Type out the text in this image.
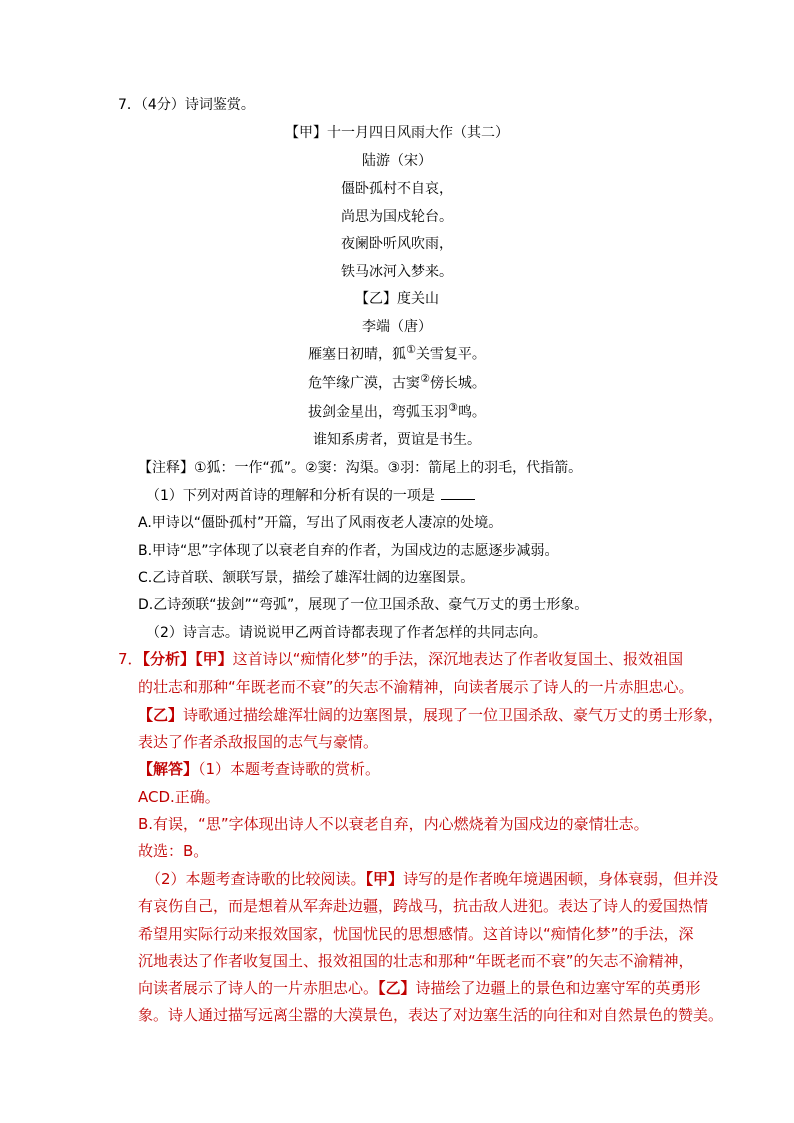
7．（4分）诗词鉴赏。
【甲】十一月四日风雨大作（其二）
陆游（宋）
僵卧孤村不自哀，
尚思为国戍轮台。
夜阑卧听风吹雨，
铁马冰河入梦来。
【乙】度关山
李端（唐）
雁塞日初晴，狐①关雪复平。
危竿缘广漠，古窦②傍长城。
拔剑金星出，弯弧玉羽③鸣。
谁知系虏者，贾谊是书生。
【注释】①狐：一作“孤”。②窦：沟渠。③羽：箭尾上的羽毛，代指箭。
（1）下列对两首诗的理解和分析有误的一项是
A.甲诗以“僵卧孤村”开篇，写出了风雨夜老人凄凉的处境。
B.甲诗“思”字体现了以衰老自弃的作者，为国戍边的志愿逐步减弱。
C.乙诗首联、颔联写景，描绘了雄浑壮阔的边塞图景。
D.乙诗颈联“拔剑”“弯弧”，展现了一位卫国杀敌、豪气万丈的勇士形象。
（2）诗言志。请说说甲乙两首诗都表现了作者怎样的共同志向。
7．【分析】【甲】这首诗以“痴情化梦”的手法，深沉地表达了作者收复国土、报效祖国
的壮志和那种“年既老而不衰”的矢志不渝精神，向读者展示了诗人的一片赤胆忠心。
【乙】诗歌通过描绘雄浑壮阔的边塞图景，展现了一位卫国杀敌、豪气万丈的勇士形象，
表达了作者杀敌报国的志气与豪情。
【解答】（1）本题考查诗歌的赏析。
ACD.正确。
B.有误，“思”字体现出诗人不以衰老自弃，内心燃烧着为国戍边的豪情壮志。
故选：B。
（2）本题考查诗歌的比较阅读。【甲】诗写的是作者晚年境遇困顿，身体衰弱，但并没
有哀伤自己，而是想着从军奔赴边疆，跨战马，抗击敌人进犯。表达了诗人的爱国热情
希望用实际行动来报效国家，忧国忧民的思想感情。这首诗以“痴情化梦”的手法，深
沉地表达了作者收复国土、报效祖国的壮志和那种“年既老而不衰”的矢志不渝精神，
向读者展示了诗人的一片赤胆忠心。【乙】诗描绘了边疆上的景色和边塞守军的英勇形
象。诗人通过描写远离尘嚣的大漠景色，表达了对边塞生活的向往和对自然景色的赞美。
